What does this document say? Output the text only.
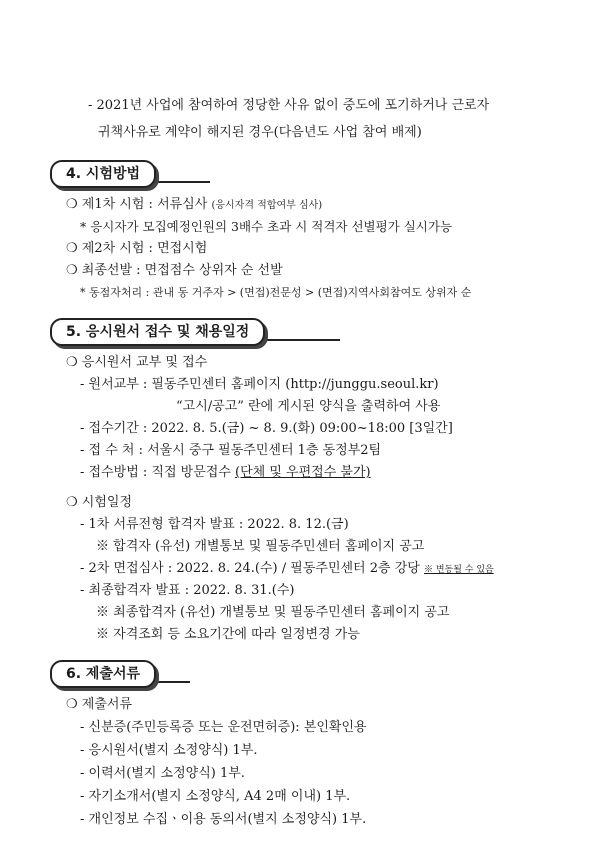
- 2021년 사업에 참여하여 정당한 사유 없이 중도에 포기하거나 근로자
귀책사유로 계약이 해지된 경우(다음년도 사업 참여 배제)
4. 시험방법
❍ 제1차 시험 : 서류심사 (응시자격 적합여부 심사)
* 응시자가 모집예정인원의 3배수 초과 시 적격자 선별평가 실시가능
❍ 제2차 시험 : 면접시험
❍ 최종선발 : 면접점수 상위자 순 선발
* 동점자처리 : 관내 동 거주자 > (면접)전문성 > (면접)지역사회참여도 상위자 순
5. 응시원서 접수 및 채용일정
❍ 응시원서 교부 및 접수
- 원서교부 : 필동주민센터 홈페이지 (http://junggu.seoul.kr)
“고시/공고” 란에 게시된 양식을 출력하여 사용
- 접수기간 : 2022. 8. 5.(금) ~ 8. 9.(화) 09:00~18:00 [3일간]
- 접 수 처 : 서울시 중구 필동주민센터 1층 동정부2팀
- 접수방법 : 직접 방문접수 (단체 및 우편접수 불가)
❍ 시험일정
- 1차 서류전형 합격자 발표 : 2022. 8. 12.(금)
※ 합격자 (유선) 개별통보 및 필동주민센터 홈페이지 공고
- 2차 면접심사 : 2022. 8. 24.(수) / 필동주민센터 2층 강당 ※ 변동될 수 있음
- 최종합격자 발표 : 2022. 8. 31.(수)
※ 최종합격자 (유선) 개별통보 및 필동주민센터 홈페이지 공고
※ 자격조회 등 소요기간에 따라 일정변경 가능
6. 제출서류
❍ 제출서류
- 신분증(주민등록증 또는 운전면허증): 본인확인용
- 응시원서(별지 소정양식) 1부.
- 이력서(별지 소정양식) 1부.
- 자기소개서(별지 소정양식, A4 2매 이내) 1부.
- 개인정보 수집ㆍ이용 동의서(별지 소정양식) 1부.
